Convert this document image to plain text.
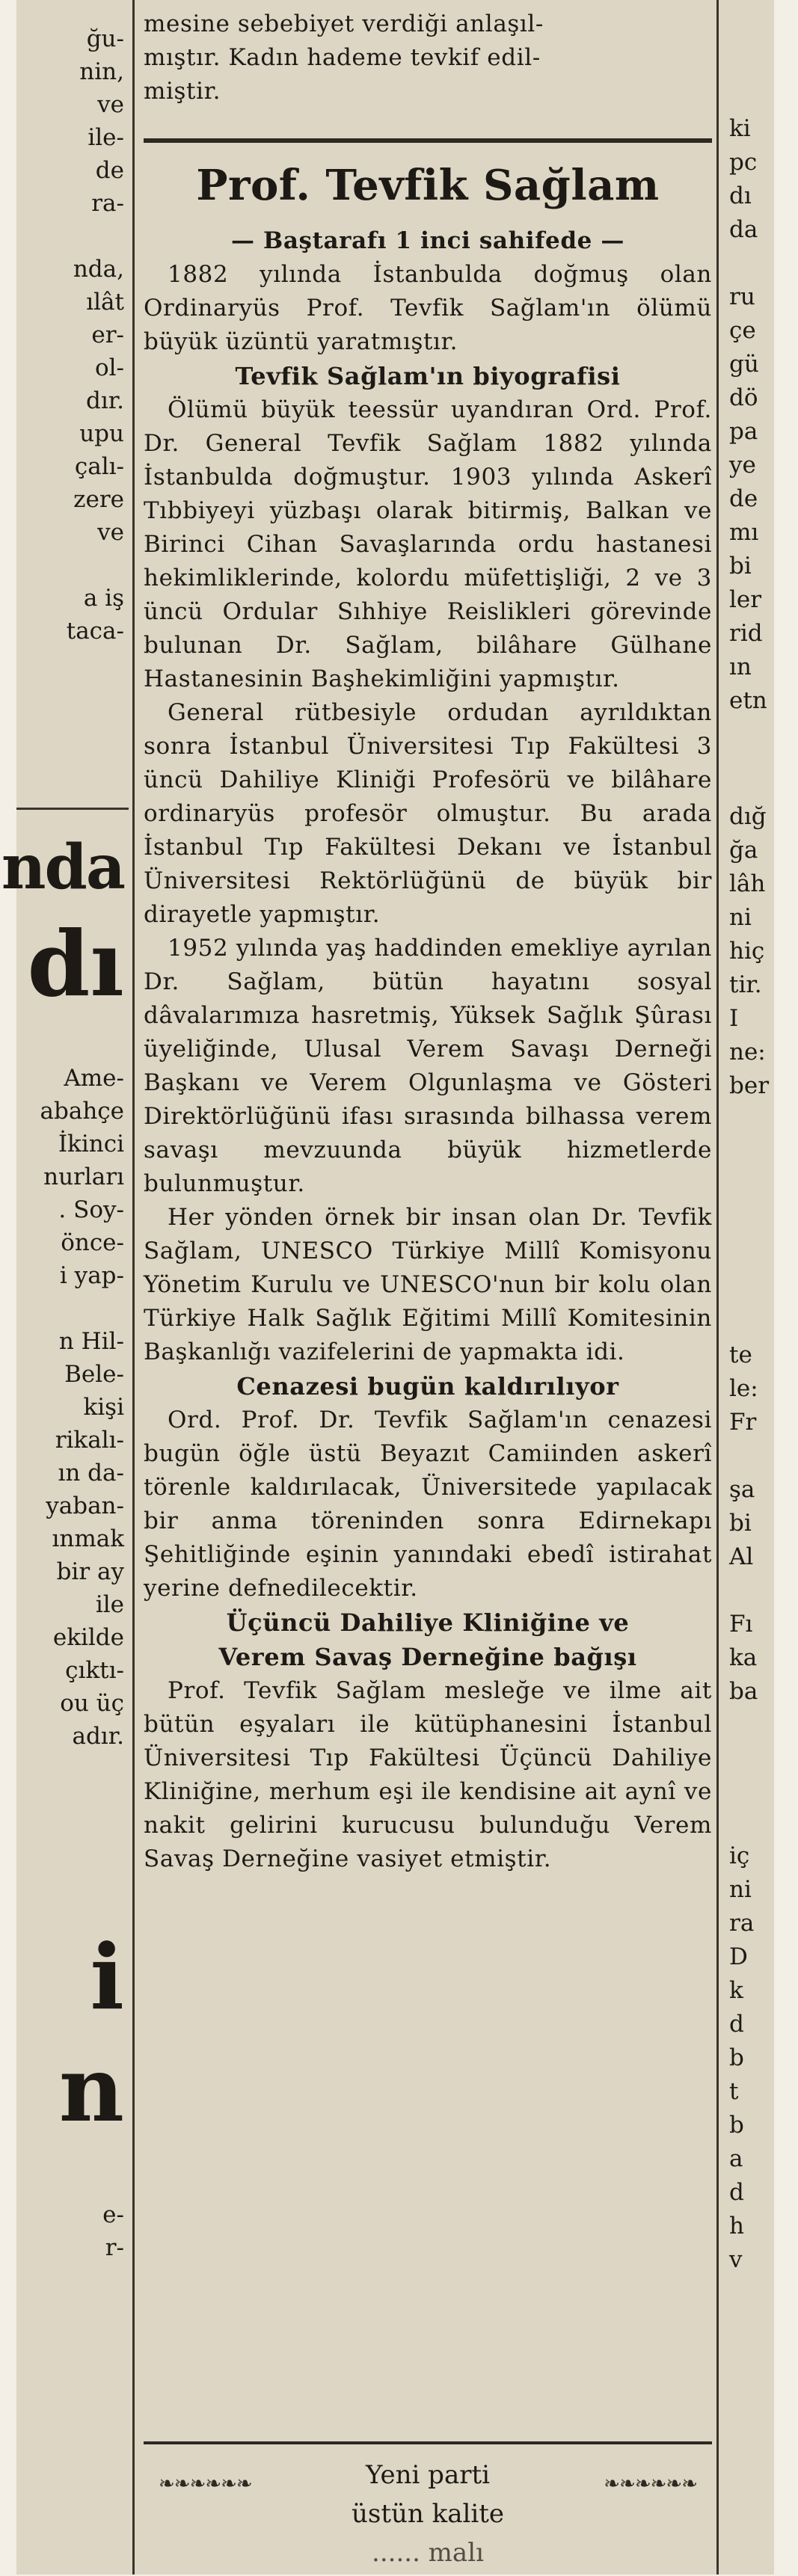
ğu-
nin,
ve
ile-
de
ra-
nda,
ılât
er-
ol-
dır.
upu
çalı-
zere
ve
a iş
taca-
nda
dı
Ame-
abahçe
İkinci
nurları
. Soy-
önce-
i yap-
n Hil-
Bele-
kişi
rikalı-
ın da-
yaban-
ınmak
bir ay
ile
ekilde
çıktı-
ou üç
adır.
i
n
e-
r-

mesine sebebiyet verdiği anlaşıl-

mıştır. Kadın hademe tevkif edil-

miştir.

Prof. Tevfik Sağlam

— Baştarafı 1 inci sahifede —

1882 yılında İstanbulda doğmuş olan Ordinaryüs Prof. Tevfik Sağlam'ın ölümü büyük üzüntü yaratmıştır.

Tevfik Sağlam'ın biyografisi

Ölümü büyük teessür uyandıran Ord. Prof. Dr. General Tevfik Sağlam 1882 yılında İstanbulda doğmuştur. 1903 yılında Askerî Tıbbiyeyi yüzbaşı olarak bitirmiş, Balkan ve Birinci Cihan Savaşlarında ordu hastanesi hekimliklerinde, kolordu müfettişliği, 2 ve 3 üncü Ordular Sıhhiye Reislikleri görevinde bulunan Dr. Sağlam, bilâhare Gülhane Hastanesinin Başhekimliğini yapmıştır.

General rütbesiyle ordudan ayrıldıktan sonra İstanbul Üniversitesi Tıp Fakültesi 3 üncü Dahiliye Kliniği Profesörü ve bilâhare ordinaryüs profesör olmuştur. Bu arada İstanbul Tıp Fakültesi Dekanı ve İstanbul Üniversitesi Rektörlüğünü de büyük bir dirayetle yapmıştır.

1952 yılında yaş haddinden emekliye ayrılan Dr. Sağlam, bütün hayatını sosyal dâvalarımıza hasretmiş, Yüksek Sağlık Şûrası üyeliğinde, Ulusal Verem Savaşı Derneği Başkanı ve Verem Olgunlaşma ve Gösteri Direktörlüğünü ifası sırasında bilhassa verem savaşı mevzuunda büyük hizmetlerde bulunmuştur.

Her yönden örnek bir insan olan Dr. Tevfik Sağlam, UNESCO Türkiye Millî Komisyonu Yönetim Kurulu ve UNESCO'nun bir kolu olan Türkiye Halk Sağlık Eğitimi Millî Komitesinin Başkanlığı vazifelerini de yapmakta idi.

Cenazesi bugün kaldırılıyor

Ord. Prof. Dr. Tevfik Sağlam'ın cenazesi bugün öğle üstü Beyazıt Camiinden askerî törenle kaldırılacak, Üniversitede yapılacak bir anma töreninden sonra Edirnekapı Şehitliğinde eşinin yanındaki ebedî istirahat yerine defnedilecektir.

Üçüncü Dahiliye Kliniğine ve

Verem Savaş Derneğine bağışı

Prof. Tevfik Sağlam mesleğe ve ilme ait bütün eşyaları ile kütüphanesini İstanbul Üniversitesi Tıp Fakültesi Üçüncü Dahiliye Kliniğine, merhum eşi ile kendisine ait aynî ve nakit gelirini kurucusu bulunduğu Verem Savaş Derneğine vasiyet etmiştir.

❧❧❧❧❧❧	❧❧❧❧❧❧
Yeni parti
üstün kalite
...... malı
ki
pc
dı
da
ru
çe
gü
dö
pa
ye
de
mı
bi
ler
rid
ın
etn
dığ
ğa
lâh
ni
hiç
tir.
I
ne:
ber
te
le:
Fr
şa
bi
Al
Fı
ka
ba
iç
ni
ra
D
k
d
b
t
b
a
d
h
v
